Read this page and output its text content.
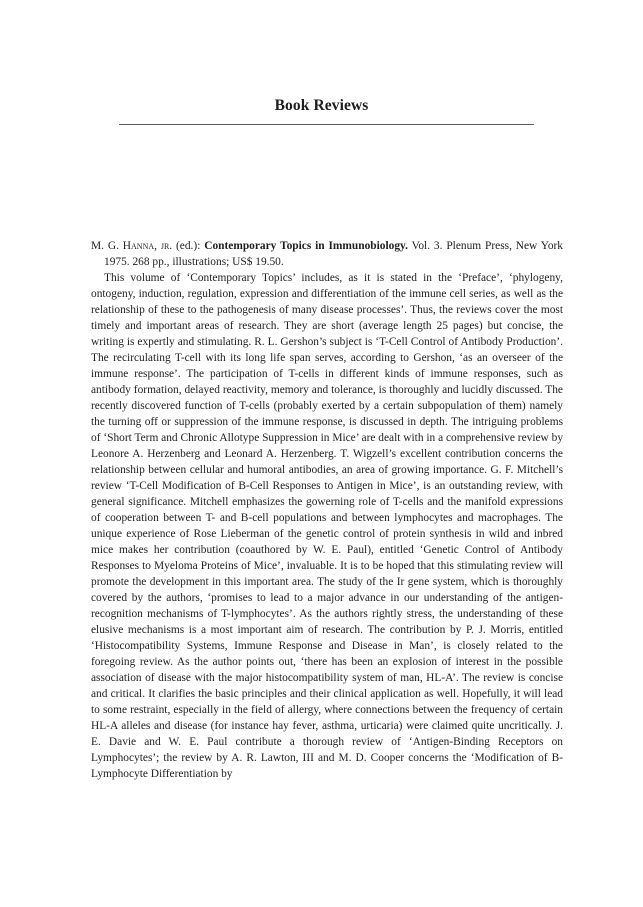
Book Reviews

M. G. Hanna, jr. (ed.): Contemporary Topics in Immunobiology. Vol. 3. Plenum Press, New York 1975. 268 pp., illustrations; US$ 19.50.

This volume of ‘Contemporary Topics’ includes, as it is stated in the ‘Preface’, ‘phylogeny, ontogeny, induction, regulation, expression and differentiation of the immune cell series, as well as the relationship of these to the pathogenesis of many disease processes’. Thus, the reviews cover the most timely and important areas of research. They are short (average length 25 pages) but concise, the writing is expertly and stimulating. R. L. Gershon’s subject is ‘T-Cell Control of Antibody Production’. The recirculating T-cell with its long life span serves, according to Gershon, ‘as an overseer of the immune response’. The participation of T-cells in different kinds of immune responses, such as antibody formation, delayed reactivity, memory and tolerance, is thoroughly and lucidly discussed. The recently discovered function of T-cells (probably exerted by a certain subpopulation of them) namely the turning off or suppression of the immune response, is discussed in depth. The intriguing problems of ‘Short Term and Chronic Allotype Suppression in Mice’ are dealt with in a comprehensive review by Leonore A. Herzenberg and Leonard A. Herzenberg. T. Wigzell’s excellent contribution concerns the relationship between cellular and humoral antibodies, an area of growing importance. G. F. Mitchell’s review ‘T-Cell Modification of B-Cell Responses to Antigen in Mice’, is an outstanding review, with general significance. Mitchell emphasizes the gowerning role of T-cells and the manifold expressions of cooperation between T- and B-cell populations and between lymphocytes and macrophages. The unique experience of Rose Lieberman of the genetic control of protein synthesis in wild and inbred mice makes her contribution (coauthored by W. E. Paul), entitled ‘Genetic Control of Antibody Responses to Myeloma Proteins of Mice’, invaluable. It is to be hoped that this stimulating review will promote the development in this important area. The study of the Ir gene system, which is thoroughly covered by the authors, ‘promises to lead to a major advance in our understanding of the antigen-recognition mechanisms of T-lymphocytes’. As the authors rightly stress, the understanding of these elusive mechanisms is a most important aim of research. The contribution by P. J. Morris, entitled ‘Histocompatibility Systems, Immune Response and Disease in Man’, is closely related to the foregoing review. As the author points out, ‘there has been an explosion of interest in the possible association of disease with the major histocompatibility system of man, HL-A’. The review is concise and critical. It clarifies the basic principles and their clinical application as well. Hopefully, it will lead to some restraint, especially in the field of allergy, where connections between the frequency of certain HL-A alleles and disease (for instance hay fever, asthma, urticaria) were claimed quite uncritically. J. E. Davie and W. E. Paul contribute a thorough review of ‘Antigen-Binding Receptors on Lymphocytes’; the review by A. R. Lawton, III and M. D. Cooper concerns the ‘Modification of B-Lymphocyte Differentiation by
